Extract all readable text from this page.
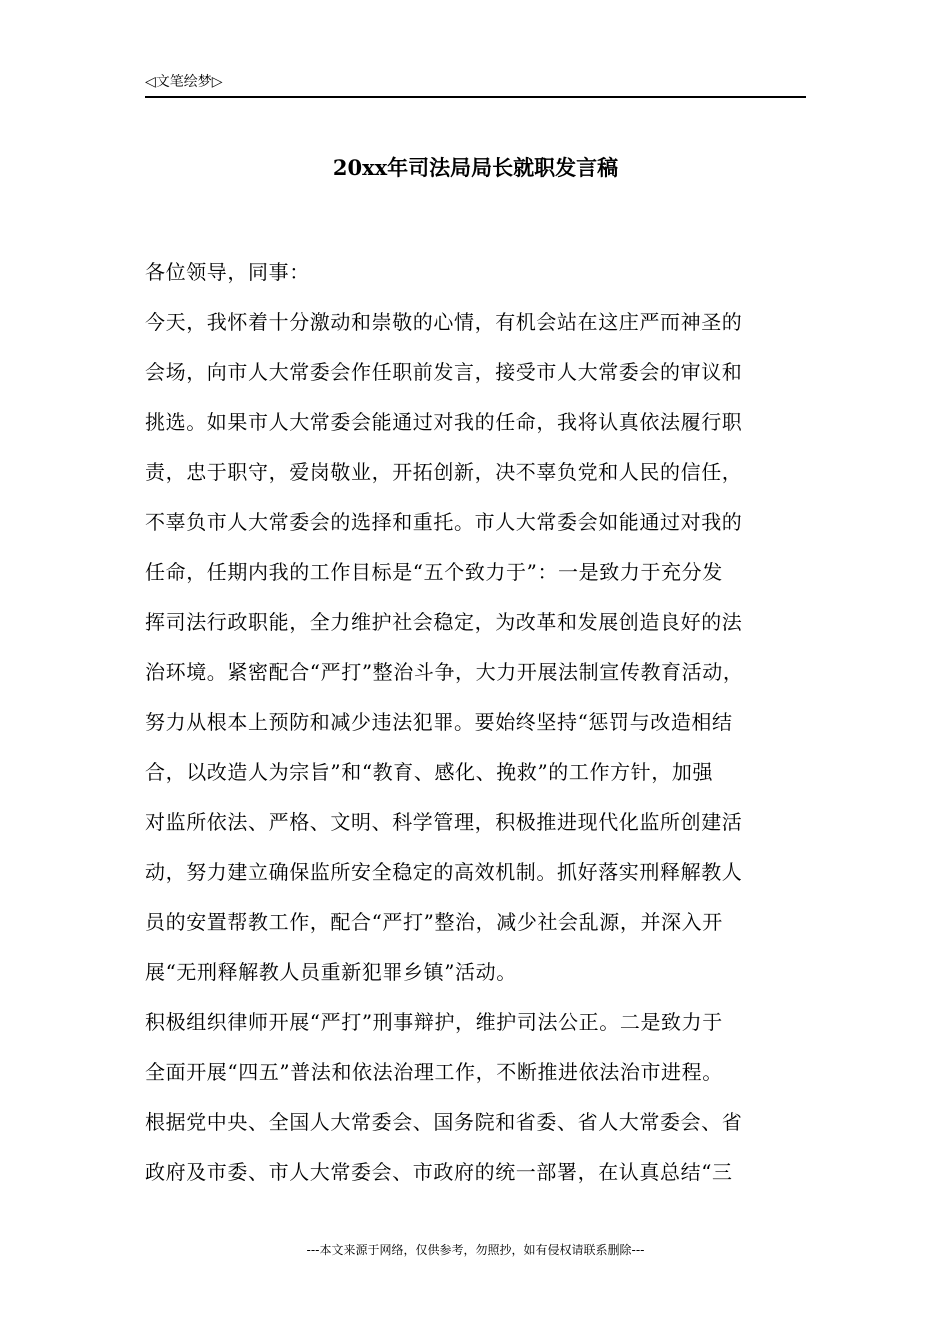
◁文笔绘梦▷
20xx年司法局局长就职发言稿
各位领导，同事：
今天，我怀着十分激动和崇敬的心情，有机会站在这庄严而神圣的
会场，向市人大常委会作任职前发言，接受市人大常委会的审议和
挑选。如果市人大常委会能通过对我的任命，我将认真依法履行职
责，忠于职守，爱岗敬业，开拓创新，决不辜负党和人民的信任，
不辜负市人大常委会的选择和重托。市人大常委会如能通过对我的
任命，任期内我的工作目标是“五个致力于”：一是致力于充分发
挥司法行政职能，全力维护社会稳定，为改革和发展创造良好的法
治环境。紧密配合“严打”整治斗争，大力开展法制宣传教育活动，
努力从根本上预防和减少违法犯罪。要始终坚持“惩罚与改造相结
合，以改造人为宗旨”和“教育、感化、挽救”的工作方针，加强
对监所依法、严格、文明、科学管理，积极推进现代化监所创建活
动，努力建立确保监所安全稳定的高效机制。抓好落实刑释解教人
员的安置帮教工作，配合“严打”整治，减少社会乱源，并深入开
展“无刑释解教人员重新犯罪乡镇”活动。
积极组织律师开展“严打”刑事辩护，维护司法公正。二是致力于
全面开展“四五”普法和依法治理工作，不断推进依法治市进程。
根据党中央、全国人大常委会、国务院和省委、省人大常委会、省
政府及市委、市人大常委会、市政府的统一部署，在认真总结“三
---本文来源于网络，仅供参考，勿照抄，如有侵权请联系删除---
